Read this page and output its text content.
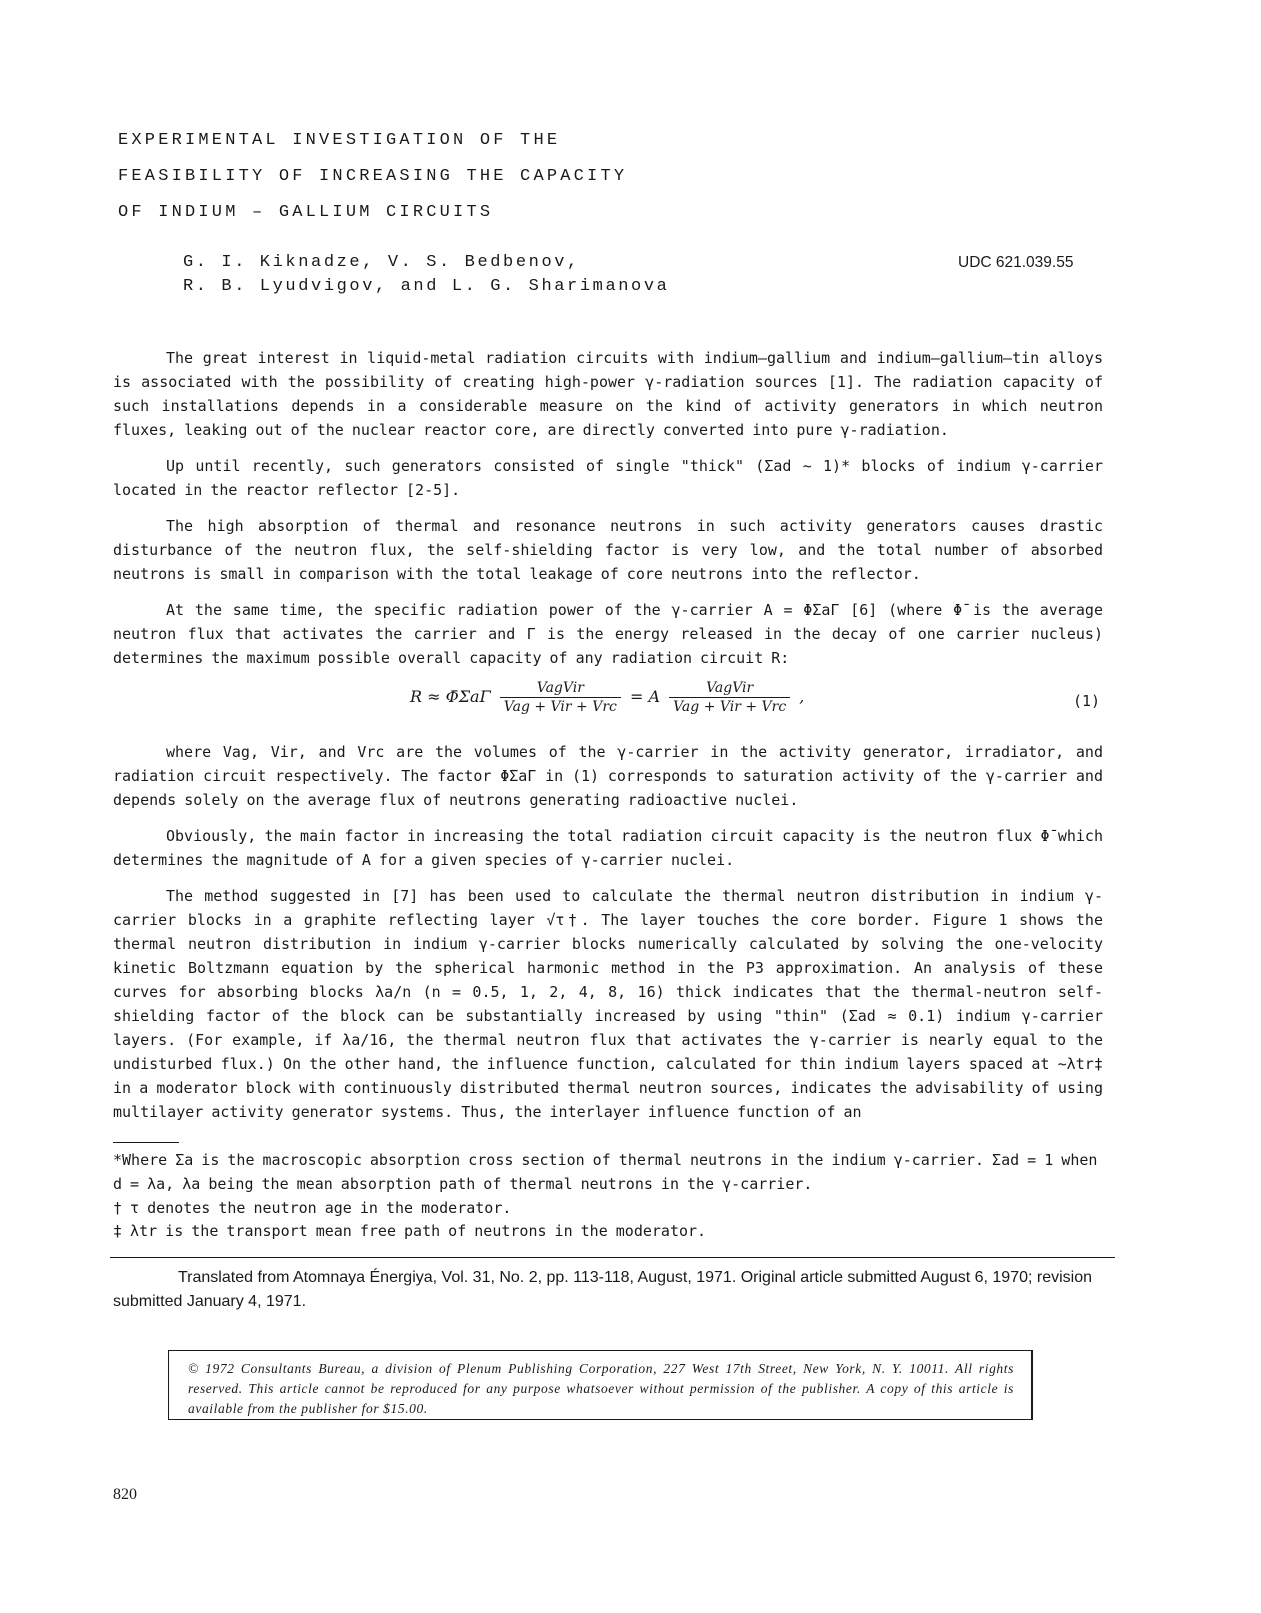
EXPERIMENTAL INVESTIGATION OF THE
FEASIBILITY OF INCREASING THE CAPACITY
OF INDIUM – GALLIUM CIRCUITS
G. I. Kiknadze, V. S. Bedbenov,
R. B. Lyudvigov, and L. G. Sharimanova
UDC 621.039.55
The great interest in liquid-metal radiation circuits with indium–gallium and indium–gallium–tin alloys is associated with the possibility of creating high-power γ-radiation sources [1]. The radiation capacity of such installations depends in a considerable measure on the kind of activity generators in which neutron fluxes, leaking out of the nuclear reactor core, are directly converted into pure γ-radiation.
Up until recently, such generators consisted of single "thick" (Σad ~ 1)* blocks of indium γ-carrier located in the reactor reflector [2-5].
The high absorption of thermal and resonance neutrons in such activity generators causes drastic disturbance of the neutron flux, the self-shielding factor is very low, and the total number of absorbed neutrons is small in comparison with the total leakage of core neutrons into the reflector.
At the same time, the specific radiation power of the γ-carrier A = Φ̄ΣaΓ [6] (where Φ̄ is the average neutron flux that activates the carrier and Γ is the energy released in the decay of one carrier nucleus) determines the maximum possible overall capacity of any radiation circuit R:
R ≈ Φ̄ΣaΓ $\frac{\text{VagVir}}{\text{Vag + Vir + Vrc}} = A \frac{\text{VagVir}}{\text{Vag + Vir + Vrc}}$ ,	(1)
where Vag, Vir, and Vrc are the volumes of the γ-carrier in the activity generator, irradiator, and radiation circuit respectively. The factor Φ̄ΣaΓ in (1) corresponds to saturation activity of the γ-carrier and depends solely on the average flux of neutrons generating radioactive nuclei.
Obviously, the main factor in increasing the total radiation circuit capacity is the neutron flux Φ̄ which determines the magnitude of A for a given species of γ-carrier nuclei.
The method suggested in [7] has been used to calculate the thermal neutron distribution in indium γ-carrier blocks in a graphite reflecting layer √τ†. The layer touches the core border. Figure 1 shows the thermal neutron distribution in indium γ-carrier blocks numerically calculated by solving the one-velocity kinetic Boltzmann equation by the spherical harmonic method in the P3 approximation. An analysis of these curves for absorbing blocks λa/n (n = 0.5, 1, 2, 4, 8, 16) thick indicates that the thermal-neutron self-shielding factor of the block can be substantially increased by using "thin" (Σad ≈ 0.1) indium γ-carrier layers. (For example, if λa/16, the thermal neutron flux that activates the γ-carrier is nearly equal to the undisturbed flux.) On the other hand, the influence function, calculated for thin indium layers spaced at ~λtr‡ in a moderator block with continuously distributed thermal neutron sources, indicates the advisability of using multilayer activity generator systems. Thus, the interlayer influence function of an
*Where Σa is the macroscopic absorption cross section of thermal neutrons in the indium γ-carrier. Σad = 1 when d = λa, λa being the mean absorption path of thermal neutrons in the γ-carrier.
† τ denotes the neutron age in the moderator.
‡ λtr is the transport mean free path of neutrons in the moderator.
Translated from Atomnaya Énergiya, Vol. 31, No. 2, pp. 113-118, August, 1971. Original article submitted August 6, 1970; revision submitted January 4, 1971.
© 1972 Consultants Bureau, a division of Plenum Publishing Corporation, 227 West 17th Street, New York, N. Y. 10011. All rights reserved. This article cannot be reproduced for any purpose whatsoever without permission of the publisher. A copy of this article is available from the publisher for $15.00.
820
